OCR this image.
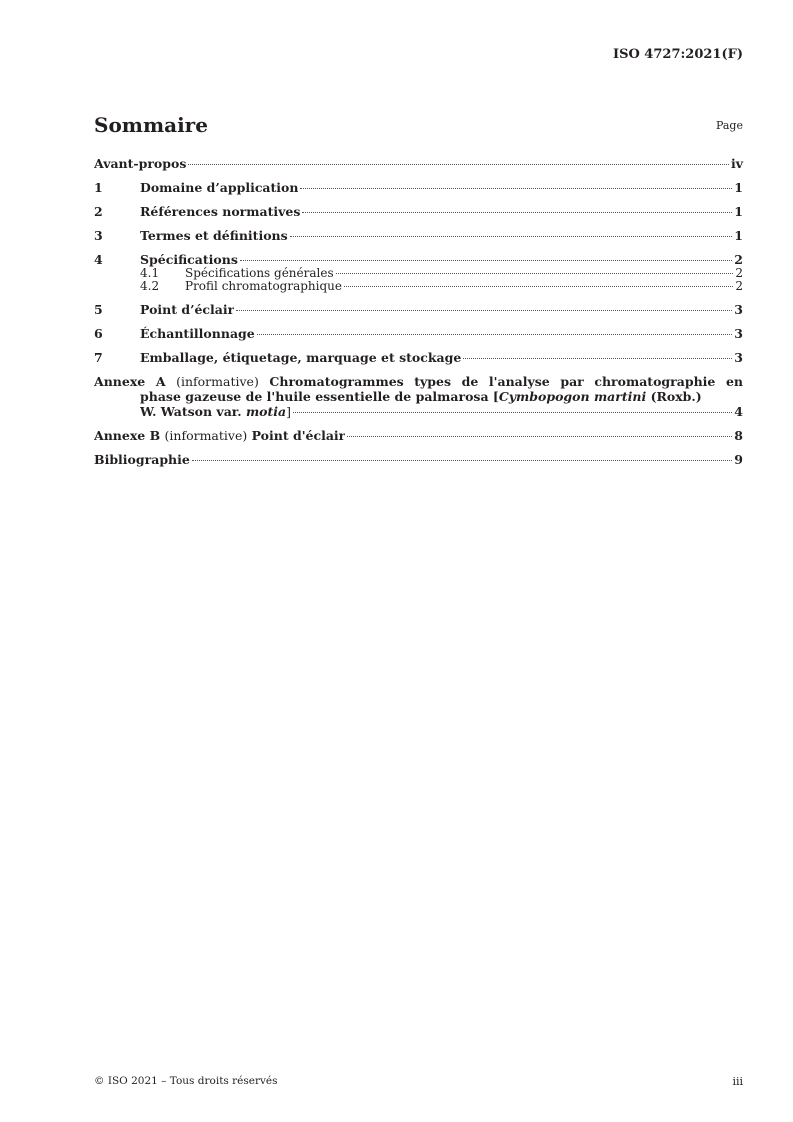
ISO 4727:2021(F)
Sommaire	Page
Avant-propos	iv
1	Domaine d’application	1
2	Références normatives	1
3	Termes et définitions	1
4	Spécifications	2
4.1 Spécifications générales	2
4.2 Profil chromatographique	2
5	Point d’éclair	3
6	Échantillonnage	3
7	Emballage, étiquetage, marquage et stockage	3
Annexe A (informative) Chromatogrammes types de l'analyse par chromatographie en
phase gazeuse de l'huile essentielle de palmarosa [Cymbopogon martini (Roxb.)
W. Watson var. motia]	4
Annexe B (informative) Point d'éclair	8
Bibliographie	9
© ISO 2021 – Tous droits réservés	iii
